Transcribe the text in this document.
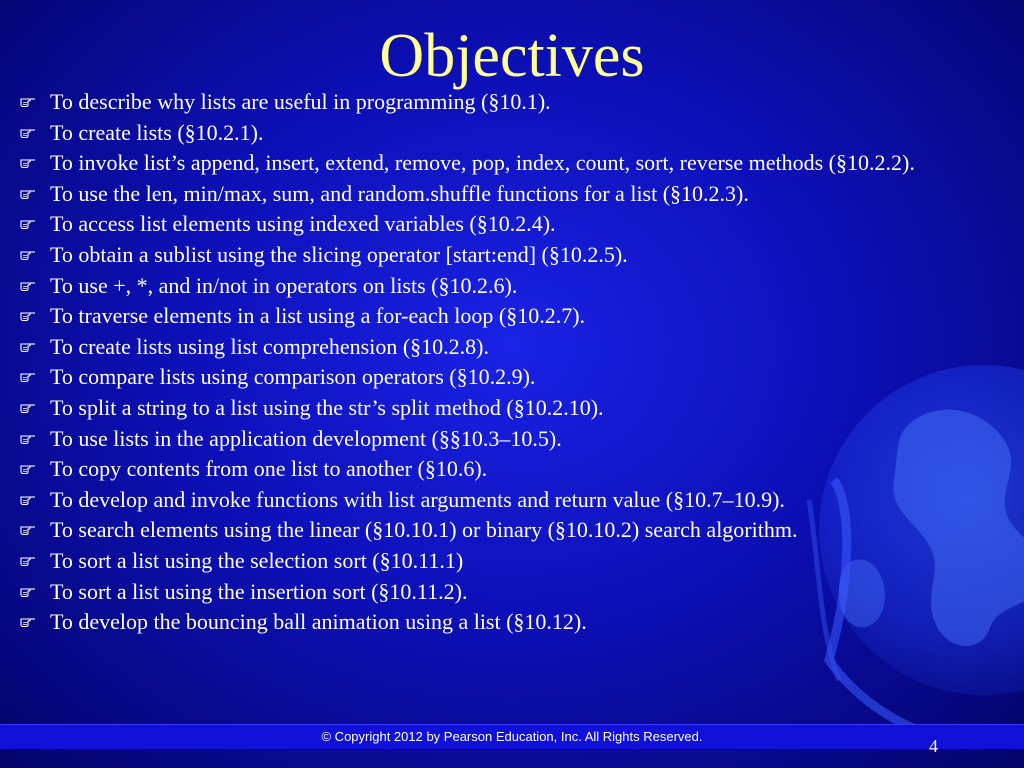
Objectives
To describe why lists are useful in programming (§10.1).
To create lists (§10.2.1).
To invoke list’s append, insert, extend, remove, pop, index, count, sort, reverse methods (§10.2.2).
To use the len, min/max, sum, and random.shuffle functions for a list (§10.2.3).
To access list elements using indexed variables (§10.2.4).
To obtain a sublist using the slicing operator [start:end] (§10.2.5).
To use +, *, and in/not in operators on lists (§10.2.6).
To traverse elements in a list using a for-each loop (§10.2.7).
To create lists using list comprehension (§10.2.8).
To compare lists using comparison operators (§10.2.9).
To split a string to a list using the str’s split method (§10.2.10).
To use lists in the application development (§§10.3–10.5).
To copy contents from one list to another (§10.6).
To develop and invoke functions with list arguments and return value (§10.7–10.9).
To search elements using the linear (§10.10.1) or binary (§10.10.2) search algorithm.
To sort a list using the selection sort (§10.11.1)
To sort a list using the insertion sort (§10.11.2).
To develop the bouncing ball animation using a list (§10.12).
© Copyright 2012 by Pearson Education, Inc. All Rights Reserved.	4
